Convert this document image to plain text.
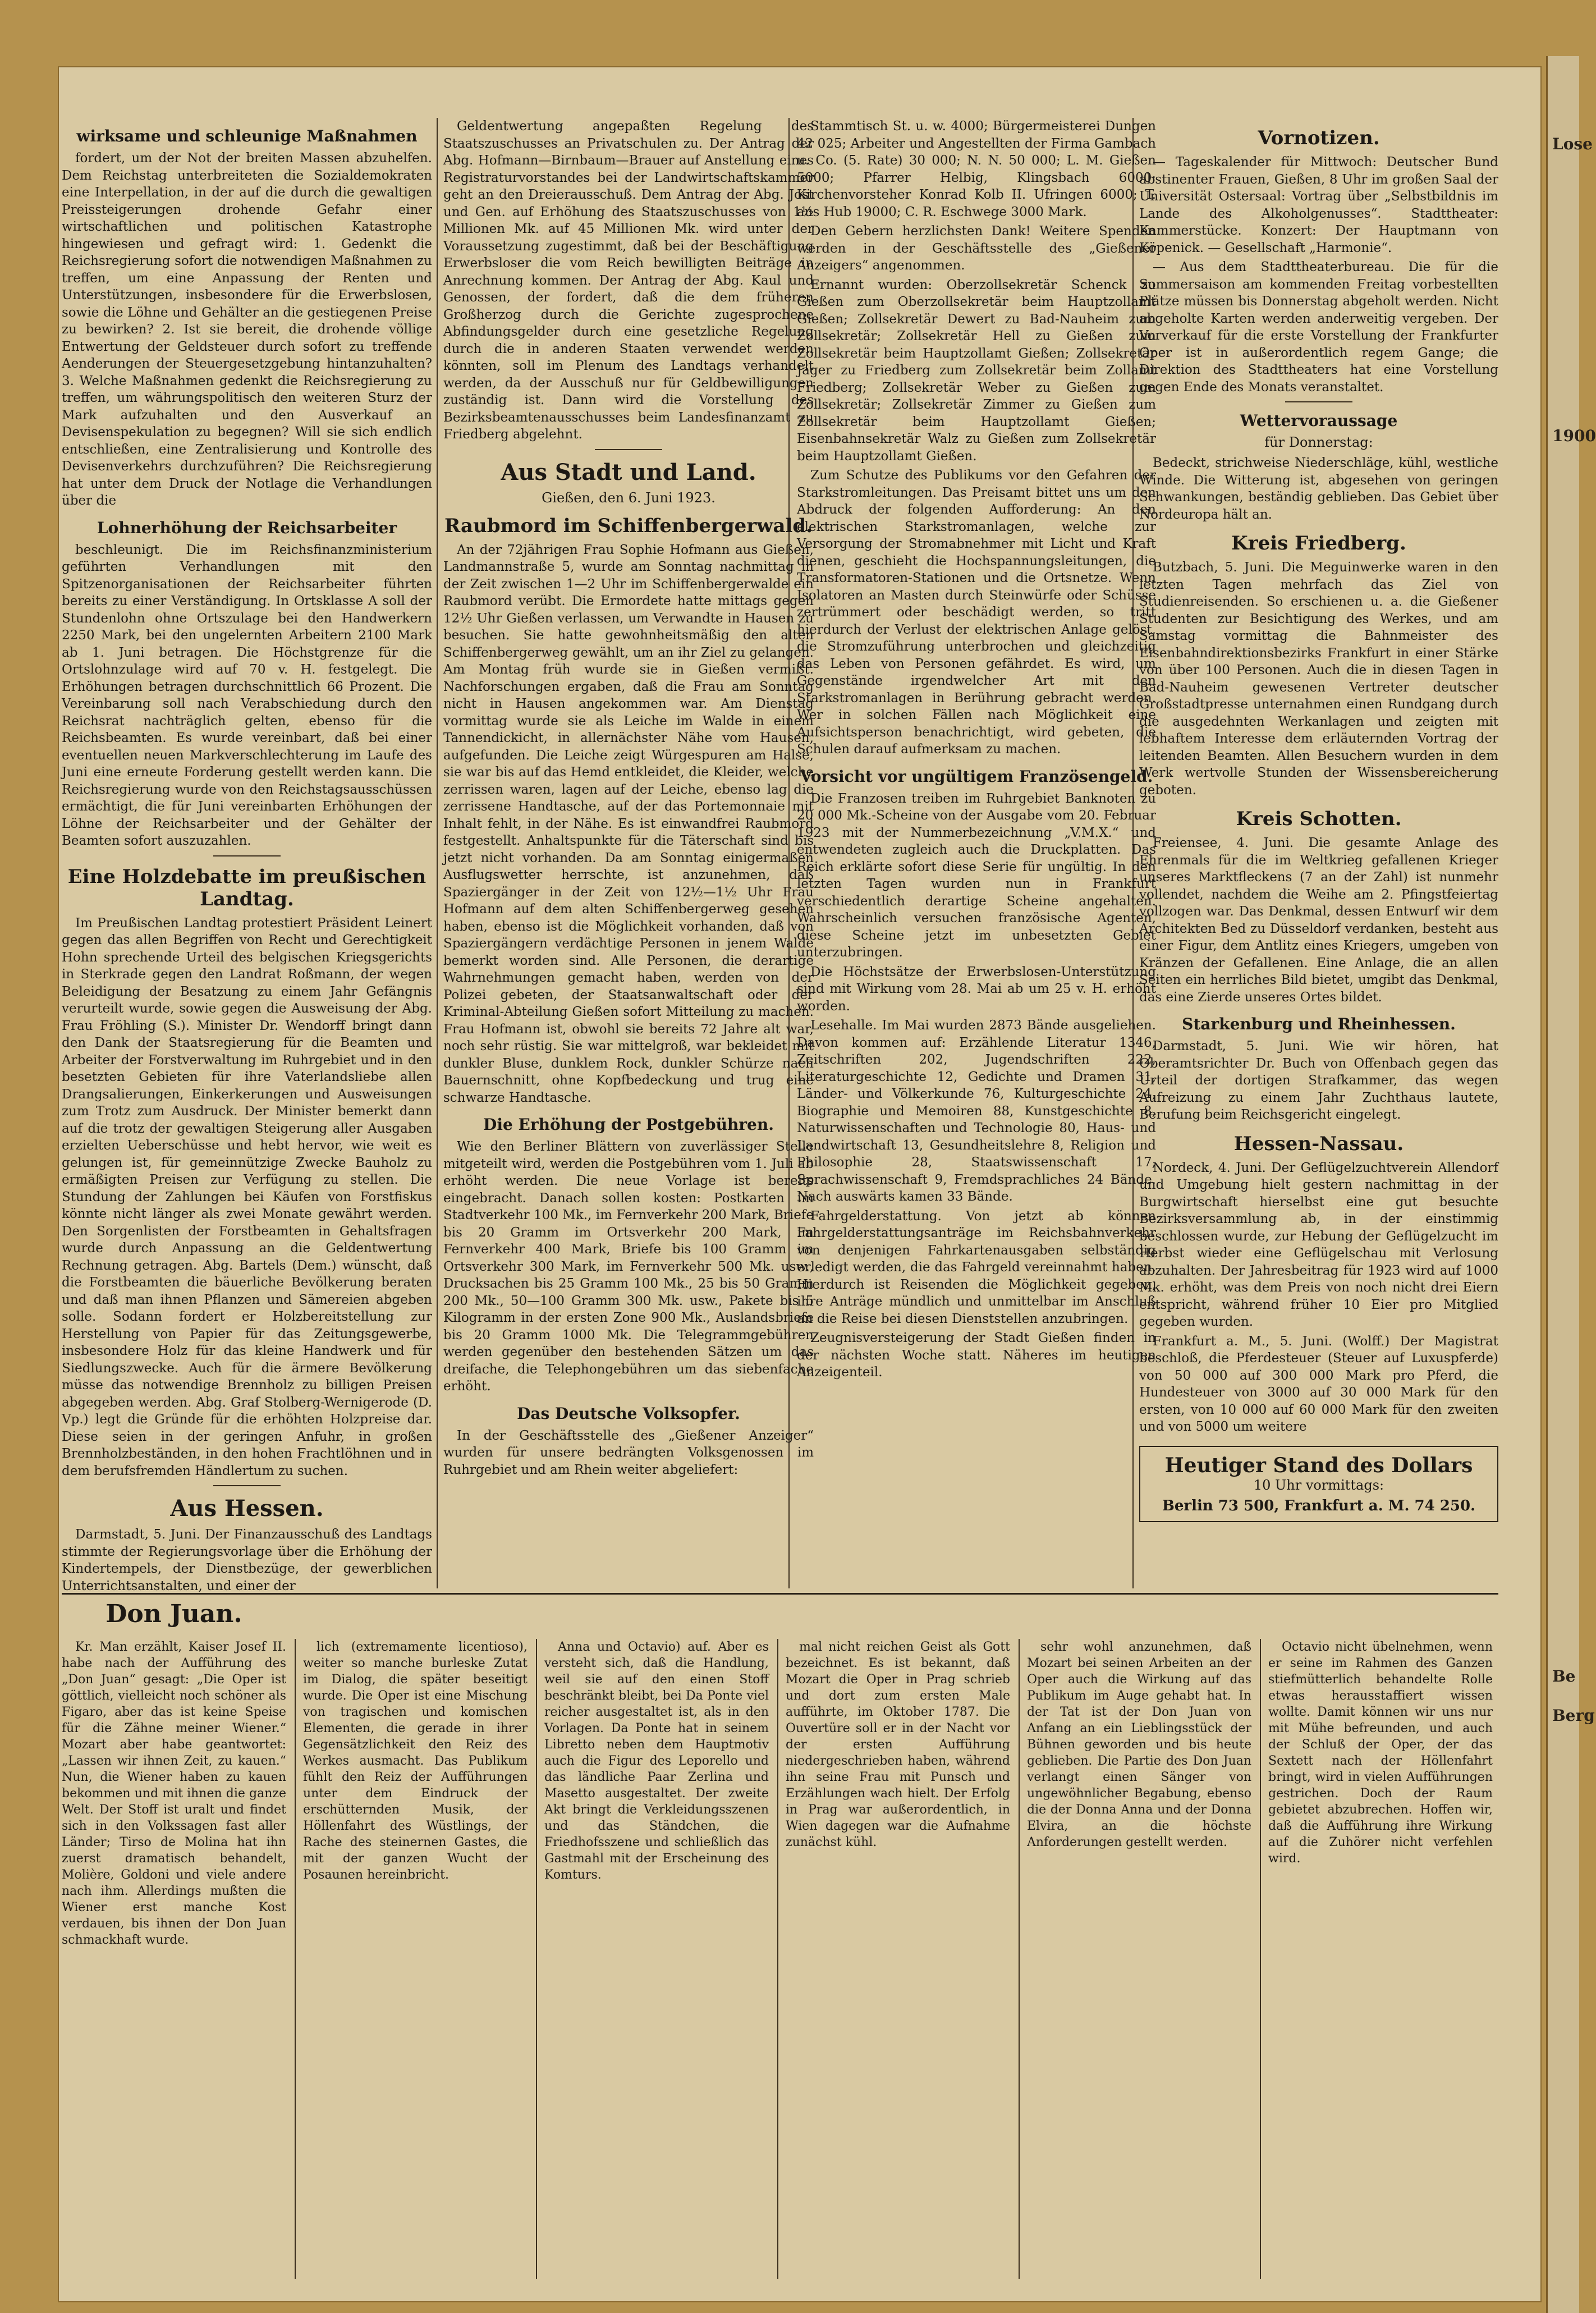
Lose
1900
Be
Berg
wirksame und schleunige Maßnahmen

fordert, um der Not der breiten Massen abzuhelfen. Dem Reichstag unterbreiteten die Sozialdemokraten eine Interpellation, in der auf die durch die gewaltigen Preissteigerungen drohende Gefahr einer wirtschaftlichen und politischen Katastrophe hingewiesen und gefragt wird: 1. Gedenkt die Reichsregierung sofort die notwendigen Maßnahmen zu treffen, um eine Anpassung der Renten und Unterstützungen, insbesondere für die Erwerbslosen, sowie die Löhne und Gehälter an die gestiegenen Preise zu bewirken? 2. Ist sie bereit, die drohende völlige Entwertung der Geldsteuer durch sofort zu treffende Aenderungen der Steuergesetzgebung hintanzuhalten? 3. Welche Maßnahmen gedenkt die Reichsregierung zu treffen, um währungspolitisch den weiteren Sturz der Mark aufzuhalten und den Ausverkauf an Devisenspekulation zu begegnen? Will sie sich endlich entschließen, eine Zentralisierung und Kontrolle des Devisenverkehrs durchzuführen? Die Reichsregierung hat unter dem Druck der Notlage die Verhandlungen über die

Lohnerhöhung der Reichsarbeiter

beschleunigt. Die im Reichsfinanzministerium geführten Verhandlungen mit den Spitzenorganisationen der Reichsarbeiter führten bereits zu einer Verständigung. In Ortsklasse A soll der Stundenlohn ohne Ortszulage bei den Handwerkern 2250 Mark, bei den ungelernten Arbeitern 2100 Mark ab 1. Juni betragen. Die Höchstgrenze für die Ortslohnzulage wird auf 70 v. H. festgelegt. Die Erhöhungen betragen durchschnittlich 66 Prozent. Die Vereinbarung soll nach Verabschiedung durch den Reichsrat nachträglich gelten, ebenso für die Reichsbeamten. Es wurde vereinbart, daß bei einer eventuellen neuen Markverschlechterung im Laufe des Juni eine erneute Forderung gestellt werden kann. Die Reichsregierung wurde von den Reichstagsausschüssen ermächtigt, die für Juni vereinbarten Erhöhungen der Löhne der Reichsarbeiter und der Gehälter der Beamten sofort auszuzahlen.

Eine Holzdebatte im preußischen Landtag.

Im Preußischen Landtag protestiert Präsident Leinert gegen das allen Begriffen von Recht und Gerechtigkeit Hohn sprechende Urteil des belgischen Kriegsgerichts in Sterkrade gegen den Landrat Roßmann, der wegen Beleidigung der Besatzung zu einem Jahr Gefängnis verurteilt wurde, sowie gegen die Ausweisung der Abg. Frau Fröhling (S.). Minister Dr. Wendorff bringt dann den Dank der Staatsregierung für die Beamten und Arbeiter der Forstverwaltung im Ruhrgebiet und in den besetzten Gebieten für ihre Vaterlandsliebe allen Drangsalierungen, Einkerkerungen und Ausweisungen zum Trotz zum Ausdruck. Der Minister bemerkt dann auf die trotz der gewaltigen Steigerung aller Ausgaben erzielten Ueberschüsse und hebt hervor, wie weit es gelungen ist, für gemeinnützige Zwecke Bauholz zu ermäßigten Preisen zur Verfügung zu stellen. Die Stundung der Zahlungen bei Käufen von Forstfiskus könnte nicht länger als zwei Monate gewährt werden. Den Sorgenlisten der Forstbeamten in Gehaltsfragen wurde durch Anpassung an die Geldentwertung Rechnung getragen. Abg. Bartels (Dem.) wünscht, daß die Forstbeamten die bäuerliche Bevölkerung beraten und daß man ihnen Pflanzen und Sämereien abgeben solle. Sodann fordert er Holzbereitstellung zur Herstellung von Papier für das Zeitungsgewerbe, insbesondere Holz für das kleine Handwerk und für Siedlungszwecke. Auch für die ärmere Bevölkerung müsse das notwendige Brennholz zu billigen Preisen abgegeben werden. Abg. Graf Stolberg-Wernigerode (D. Vp.) legt die Gründe für die erhöhten Holzpreise dar. Diese seien in der geringen Anfuhr, in großen Brennholzbeständen, in den hohen Frachtlöhnen und in dem berufsfremden Händlertum zu suchen.

Aus Hessen.

Darmstadt, 5. Juni. Der Finanzausschuß des Landtags stimmte der Regierungsvorlage über die Erhöhung der Kindertempels, der Dienstbezüge, der gewerblichen Unterrichtsanstalten, und einer der

Geldentwertung angepaßten Regelung des Staatszuschusses an Privatschulen zu. Der Antrag der Abg. Hofmann—Birnbaum—Brauer auf Anstellung eines Registraturvorstandes bei der Landwirtschaftskammer geht an den Dreierausschuß. Dem Antrag der Abg. Jost und Gen. auf Erhöhung des Staatszuschusses von 1½ Millionen Mk. auf 45 Millionen Mk. wird unter der Voraussetzung zugestimmt, daß bei der Beschäftigung Erwerbsloser die vom Reich bewilligten Beiträge in Anrechnung kommen. Der Antrag der Abg. Kaul und Genossen, der fordert, daß die dem früheren Großherzog durch die Gerichte zugesprochene Abfindungsgelder durch eine gesetzliche Regelung durch die in anderen Staaten verwendet werden könnten, soll im Plenum des Landtags verhandelt werden, da der Ausschuß nur für Geldbewilligungen zuständig ist. Dann wird die Vorstellung des Bezirksbeamtenausschusses beim Landesfinanzamt zu Friedberg abgelehnt.

Aus Stadt und Land.
Gießen, den 6. Juni 1923.
Raubmord im Schiffenbergerwald.

An der 72jährigen Frau Sophie Hofmann aus Gießen, Landmannstraße 5, wurde am Sonntag nachmittag in der Zeit zwischen 1—2 Uhr im Schiffenbergerwalde ein Raubmord verübt. Die Ermordete hatte mittags gegen 12½ Uhr Gießen verlassen, um Verwandte in Hausen zu besuchen. Sie hatte gewohnheitsmäßig den alten Schiffenbergerweg gewählt, um an ihr Ziel zu gelangen. Am Montag früh wurde sie in Gießen vermißt. Nachforschungen ergaben, daß die Frau am Sonntag nicht in Hausen angekommen war. Am Dienstag vormittag wurde sie als Leiche im Walde in einem Tannendickicht, in allernächster Nähe vom Hausen, aufgefunden. Die Leiche zeigt Würgespuren am Halse, sie war bis auf das Hemd entkleidet, die Kleider, welche zerrissen waren, lagen auf der Leiche, ebenso lag die zerrissene Handtasche, auf der das Portemonnaie mit Inhalt fehlt, in der Nähe. Es ist einwandfrei Raubmord festgestellt. Anhaltspunkte für die Täterschaft sind bis jetzt nicht vorhanden. Da am Sonntag einigermaßen Ausflugswetter herrschte, ist anzunehmen, daß Spaziergänger in der Zeit von 12½—1½ Uhr Frau Hofmann auf dem alten Schiffenbergerweg gesehen haben, ebenso ist die Möglichkeit vorhanden, daß von Spaziergängern verdächtige Personen in jenem Walde bemerkt worden sind. Alle Personen, die derartige Wahrnehmungen gemacht haben, werden von der Polizei gebeten, der Staatsanwaltschaft oder der Kriminal-Abteilung Gießen sofort Mitteilung zu machen. Frau Hofmann ist, obwohl sie bereits 72 Jahre alt war, noch sehr rüstig. Sie war mittelgroß, war bekleidet mit dunkler Bluse, dunklem Rock, dunkler Schürze nach Bauernschnitt, ohne Kopfbedeckung und trug eine schwarze Handtasche.

Die Erhöhung der Postgebühren.

Wie den Berliner Blättern von zuverlässiger Stelle mitgeteilt wird, werden die Postgebühren vom 1. Juli ab erhöht werden. Die neue Vorlage ist bereits eingebracht. Danach sollen kosten: Postkarten im Stadtverkehr 100 Mk., im Fernverkehr 200 Mark, Briefe bis 20 Gramm im Ortsverkehr 200 Mark, im Fernverkehr 400 Mark, Briefe bis 100 Gramm im Ortsverkehr 300 Mark, im Fernverkehr 500 Mk. usw., Drucksachen bis 25 Gramm 100 Mk., 25 bis 50 Gramm 200 Mk., 50—100 Gramm 300 Mk. usw., Pakete bis 5 Kilogramm in der ersten Zone 900 Mk., Auslandsbriefe bis 20 Gramm 1000 Mk. Die Telegrammgebühren werden gegenüber den bestehenden Sätzen um das dreifache, die Telephongebühren um das siebenfache erhöht.

Das Deutsche Volksopfer.

In der Geschäftsstelle des „Gießener Anzeiger“ wurden für unsere bedrängten Volksgenossen im Ruhrgebiet und am Rhein weiter abgeliefert:

Stammtisch St. u. w. 4000; Bürgermeisterei Dungen 42 025; Arbeiter und Angestellten der Firma Gambach u. Co. (5. Rate) 30 000; N. N. 50 000; L. M. Gießen 5000; Pfarrer Helbig, Klingsbach 6000; Kirchenvorsteher Konrad Kolb II. Ufringen 6000; T. aus Hub 19000; C. R. Eschwege 3000 Mark.

Den Gebern herzlichsten Dank! Weitere Spenden werden in der Geschäftsstelle des „Gießener Anzeigers“ angenommen.

Ernannt wurden: Oberzollsekretär Schenck zu Gießen zum Oberzollsekretär beim Hauptzollamt Gießen; Zollsekretär Dewert zu Bad-Nauheim zum Zollsekretär; Zollsekretär Hell zu Gießen zum Zollsekretär beim Hauptzollamt Gießen; Zollsekretär Jäger zu Friedberg zum Zollsekretär beim Zollamt Friedberg; Zollsekretär Weber zu Gießen zum Zollsekretär; Zollsekretär Zimmer zu Gießen zum Zollsekretär beim Hauptzollamt Gießen; Eisenbahnsekretär Walz zu Gießen zum Zollsekretär beim Hauptzollamt Gießen.

Zum Schutze des Publikums vor den Gefahren der Starkstromleitungen. Das Preisamt bittet uns um den Abdruck der folgenden Aufforderung: An den elektrischen Starkstromanlagen, welche zur Versorgung der Stromabnehmer mit Licht und Kraft dienen, geschieht die Hochspannungsleitungen, die Transformatoren-Stationen und die Ortsnetze. Wenn Isolatoren an Masten durch Steinwürfe oder Schüsse zertrümmert oder beschädigt werden, so tritt hierdurch der Verlust der elektrischen Anlage gelöst, die Stromzuführung unterbrochen und gleichzeitig das Leben von Personen gefährdet. Es wird, um Gegenstände irgendwelcher Art mit den Starkstromanlagen in Berührung gebracht werden. Wer in solchen Fällen nach Möglichkeit eine Aufsichtsperson benachrichtigt, wird gebeten, die Schulen darauf aufmerksam zu machen.

Vorsicht vor ungültigem Französengeld.

Die Franzosen treiben im Ruhrgebiet Banknoten zu 20 000 Mk.-Scheine von der Ausgabe vom 20. Februar 1923 mit der Nummerbezeichnung „V.M.X.“ und entwendeten zugleich auch die Druckplatten. Das Reich erklärte sofort diese Serie für ungültig. In den letzten Tagen wurden nun in Frankfurt verschiedentlich derartige Scheine angehalten. Wahrscheinlich versuchen französische Agenten, diese Scheine jetzt im unbesetzten Gebiet unterzubringen.

Die Höchstsätze der Erwerbslosen-Unterstützung sind mit Wirkung vom 28. Mai ab um 25 v. H. erhöht worden.

Lesehalle. Im Mai wurden 2873 Bände ausgeliehen. Davon kommen auf: Erzählende Literatur 1346, Zeitschriften 202, Jugendschriften 222, Literaturgeschichte 12, Gedichte und Dramen 31, Länder- und Völkerkunde 76, Kulturgeschichte 24, Biographie und Memoiren 88, Kunstgeschichte 8, Naturwissenschaften und Technologie 80, Haus- und Landwirtschaft 13, Gesundheitslehre 8, Religion und Philosophie 28, Staatswissenschaft 17, Sprachwissenschaft 9, Fremdsprachliches 24 Bände. Nach auswärts kamen 33 Bände.

Fahrgelderstattung. Von jetzt ab können Fahrgelderstattungsanträge im Reichsbahnverkehr von denjenigen Fahrkartenausgaben selbständig erledigt werden, die das Fahrgeld vereinnahmt haben. Hierdurch ist Reisenden die Möglichkeit gegeben, ihre Anträge mündlich und unmittelbar im Anschluß an die Reise bei diesen Dienststellen anzubringen.

Zeugnisversteigerung der Stadt Gießen finden in der nächsten Woche statt. Näheres im heutigen Anzeigenteil.

Vornotizen.

— Tageskalender für Mittwoch: Deutscher Bund abstinenter Frauen, Gießen, 8 Uhr im großen Saal der Universität Ostersaal: Vortrag über „Selbstbildnis im Lande des Alkoholgenusses“. Stadttheater: Kammerstücke. Konzert: Der Hauptmann von Köpenick. — Gesellschaft „Harmonie“.

— Aus dem Stadttheaterbureau. Die für die Sommersaison am kommenden Freitag vorbestellten Plätze müssen bis Donnerstag abgeholt werden. Nicht abgeholte Karten werden anderweitig vergeben. Der Vorverkauf für die erste Vorstellung der Frankfurter Oper ist in außerordentlich regem Gange; die Direktion des Stadttheaters hat eine Vorstellung gegen Ende des Monats veranstaltet.

Wettervoraussage
für Donnerstag:

Bedeckt, strichweise Niederschläge, kühl, westliche Winde. Die Witterung ist, abgesehen von geringen Schwankungen, beständig geblieben. Das Gebiet über Nordeuropa hält an.

Kreis Friedberg.

Butzbach, 5. Juni. Die Meguinwerke waren in den letzten Tagen mehrfach das Ziel von Studienreisenden. So erschienen u. a. die Gießener Studenten zur Besichtigung des Werkes, und am Samstag vormittag die Bahnmeister des Eisenbahndirektionsbezirks Frankfurt in einer Stärke von über 100 Personen. Auch die in diesen Tagen in Bad-Nauheim gewesenen Vertreter deutscher Großstadtpresse unternahmen einen Rundgang durch die ausgedehnten Werkanlagen und zeigten mit lebhaftem Interesse dem erläuternden Vortrag der leitenden Beamten. Allen Besuchern wurden in dem Werk wertvolle Stunden der Wissensbereicherung geboten.

Kreis Schotten.

Freiensee, 4. Juni. Die gesamte Anlage des Ehrenmals für die im Weltkrieg gefallenen Krieger unseres Marktfleckens (7 an der Zahl) ist nunmehr vollendet, nachdem die Weihe am 2. Pfingstfeiertag vollzogen war. Das Denkmal, dessen Entwurf wir dem Architekten Bed zu Düsseldorf verdanken, besteht aus einer Figur, dem Antlitz eines Kriegers, umgeben von Kränzen der Gefallenen. Eine Anlage, die an allen Seiten ein herrliches Bild bietet, umgibt das Denkmal, das eine Zierde unseres Ortes bildet.

Starkenburg und Rheinhessen.

Darmstadt, 5. Juni. Wie wir hören, hat Oberamtsrichter Dr. Buch von Offenbach gegen das Urteil der dortigen Strafkammer, das wegen Aufreizung zu einem Jahr Zuchthaus lautete, Berufung beim Reichsgericht eingelegt.

Hessen-Nassau.

Nordeck, 4. Juni. Der Geflügelzuchtverein Allendorf und Umgebung hielt gestern nachmittag in der Burgwirtschaft hierselbst eine gut besuchte Bezirksversammlung ab, in der einstimmig beschlossen wurde, zur Hebung der Geflügelzucht im Herbst wieder eine Geflügelschau mit Verlosung abzuhalten. Der Jahresbeitrag für 1923 wird auf 1000 Mk. erhöht, was dem Preis von noch nicht drei Eiern entspricht, während früher 10 Eier pro Mitglied gegeben wurden.

Frankfurt a. M., 5. Juni. (Wolff.) Der Magistrat beschloß, die Pferdesteuer (Steuer auf Luxuspferde) von 50 000 auf 300 000 Mark pro Pferd, die Hundesteuer von 3000 auf 30 000 Mark für den ersten, von 10 000 auf 60 000 Mark für den zweiten und von 5000 um weitere

Heutiger Stand des Dollars
10 Uhr vormittags:
Berlin 73 500, Frankfurt a. M. 74 250.
Don Juan.

Kr. Man erzählt, Kaiser Josef II. habe nach der Aufführung des „Don Juan“ gesagt: „Die Oper ist göttlich, vielleicht noch schöner als Figaro, aber das ist keine Speise für die Zähne meiner Wiener.“ Mozart aber habe geantwortet: „Lassen wir ihnen Zeit, zu kauen.“ Nun, die Wiener haben zu kauen bekommen und mit ihnen die ganze Welt. Der Stoff ist uralt und findet sich in den Volkssagen fast aller Länder; Tirso de Molina hat ihn zuerst dramatisch behandelt, Molière, Goldoni und viele andere nach ihm. Allerdings mußten die Wiener erst manche Kost verdauen, bis ihnen der Don Juan schmackhaft wurde.

lich (extremamente licentioso), weiter so manche burleske Zutat im Dialog, die später beseitigt wurde. Die Oper ist eine Mischung von tragischen und komischen Elementen, die gerade in ihrer Gegensätzlichkeit den Reiz des Werkes ausmacht. Das Publikum fühlt den Reiz der Aufführungen unter dem Eindruck der erschütternden Musik, der Höllenfahrt des Wüstlings, der Rache des steinernen Gastes, die mit der ganzen Wucht der Posaunen hereinbricht.

Anna und Octavio) auf. Aber es versteht sich, daß die Handlung, weil sie auf den einen Stoff beschränkt bleibt, bei Da Ponte viel reicher ausgestaltet ist, als in den Vorlagen. Da Ponte hat in seinem Libretto neben dem Hauptmotiv auch die Figur des Leporello und das ländliche Paar Zerlina und Masetto ausgestaltet. Der zweite Akt bringt die Verkleidungsszenen und das Ständchen, die Friedhofsszene und schließlich das Gastmahl mit der Erscheinung des Komturs.

mal nicht reichen Geist als Gott bezeichnet. Es ist bekannt, daß Mozart die Oper in Prag schrieb und dort zum ersten Male aufführte, im Oktober 1787. Die Ouvertüre soll er in der Nacht vor der ersten Aufführung niedergeschrieben haben, während ihn seine Frau mit Punsch und Erzählungen wach hielt. Der Erfolg in Prag war außerordentlich, in Wien dagegen war die Aufnahme zunächst kühl.

sehr wohl anzunehmen, daß Mozart bei seinen Arbeiten an der Oper auch die Wirkung auf das Publikum im Auge gehabt hat. In der Tat ist der Don Juan von Anfang an ein Lieblingsstück der Bühnen geworden und bis heute geblieben. Die Partie des Don Juan verlangt einen Sänger von ungewöhnlicher Begabung, ebenso die der Donna Anna und der Donna Elvira, an die höchste Anforderungen gestellt werden.

Octavio nicht übelnehmen, wenn er seine im Rahmen des Ganzen stiefmütterlich behandelte Rolle etwas herausstaffiert wissen wollte. Damit können wir uns nur mit Mühe befreunden, und auch der Schluß der Oper, der das Sextett nach der Höllenfahrt bringt, wird in vielen Aufführungen gestrichen. Doch der Raum gebietet abzubrechen. Hoffen wir, daß die Aufführung ihre Wirkung auf die Zuhörer nicht verfehlen wird.
